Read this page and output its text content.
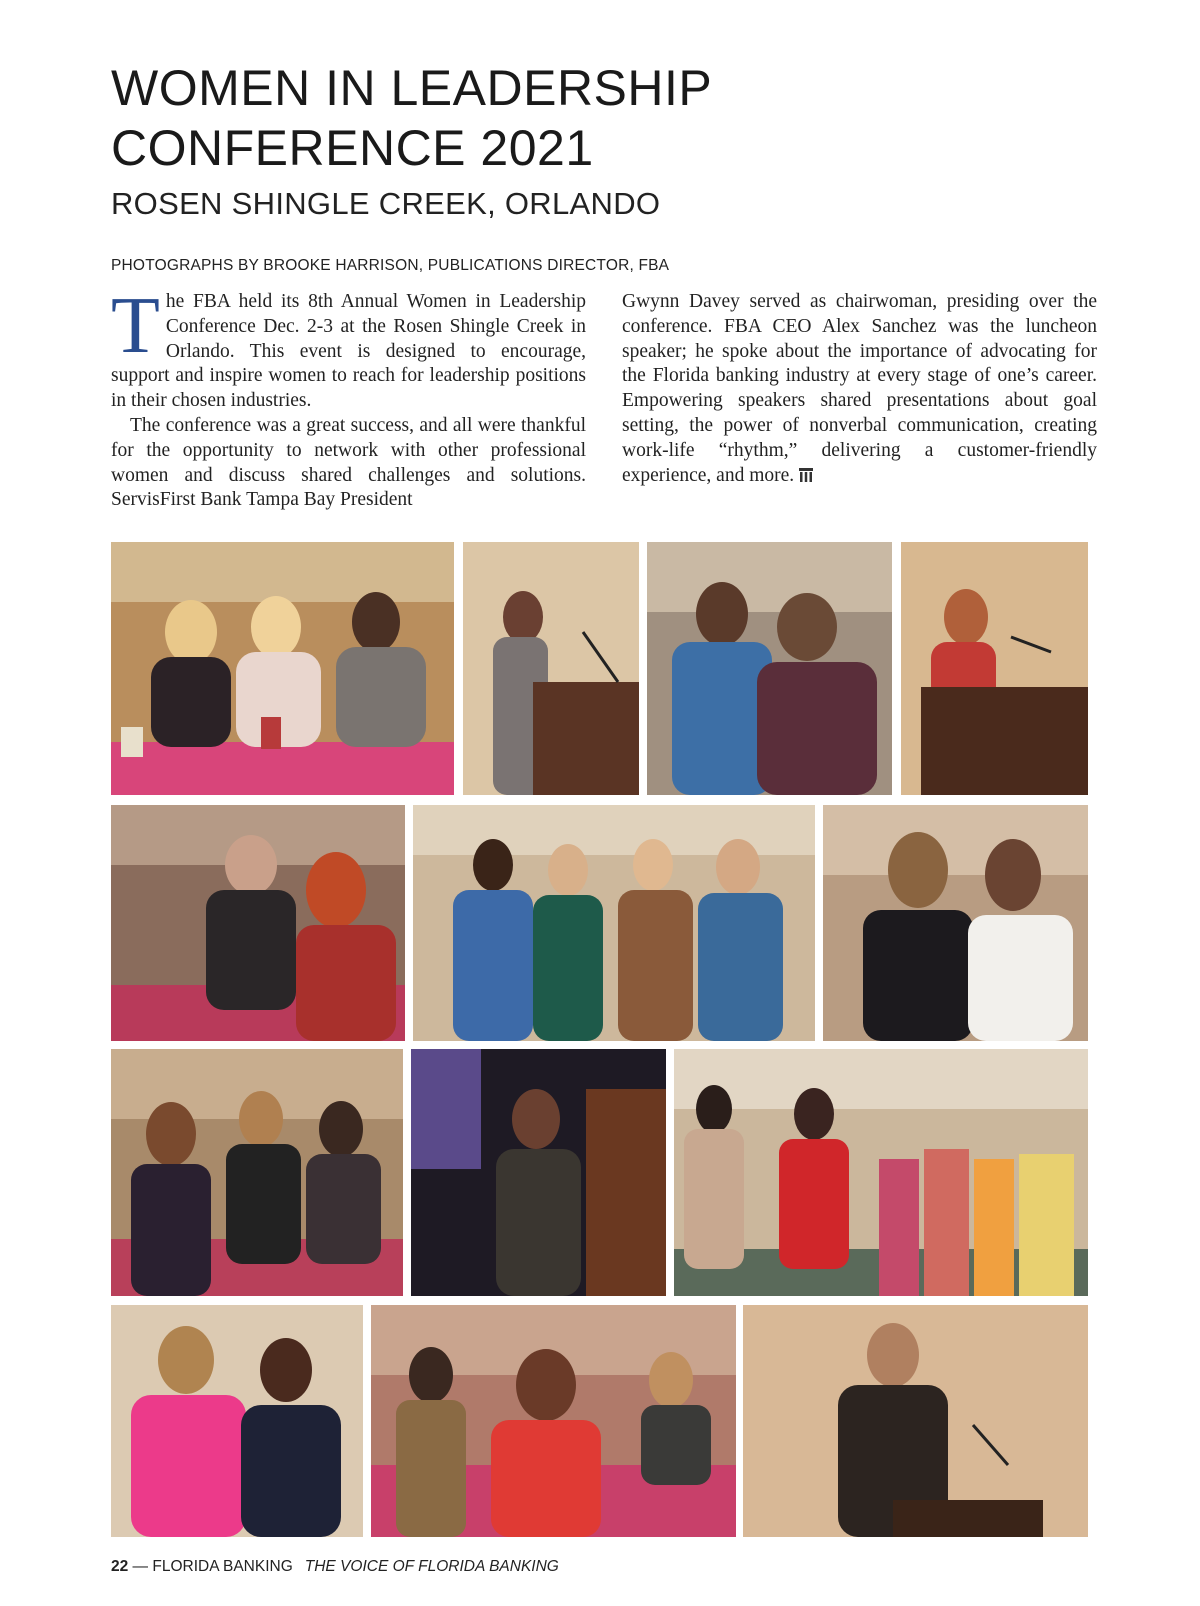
WOMEN IN LEADERSHIP
CONFERENCE 2021
ROSEN SHINGLE CREEK, ORLANDO
PHOTOGRAPHS BY BROOKE HARRISON, PUBLICATIONS DIRECTOR, FBA

The FBA held its 8th Annual Women in Leadership Conference Dec. 2-3 at the Rosen Shingle Creek in Orlando. This event is designed to encourage, support and inspire women to reach for leadership positions in their chosen industries.

The conference was a great success, and all were thankful for the opportunity to network with other professional women and discuss shared challenges and solutions. ServisFirst Bank Tampa Bay President

Gwynn Davey served as chairwoman, presiding over the conference. FBA CEO Alex Sanchez was the luncheon speaker; he spoke about the importance of advocating for the Florida banking industry at every stage of one’s career. Empowering speakers shared presentations about goal setting, the power of nonverbal communication, creating work-life “rhythm,” delivering a customer-friendly experience, and more.

22 — FLORIDA BANKING THE VOICE OF FLORIDA BANKING
